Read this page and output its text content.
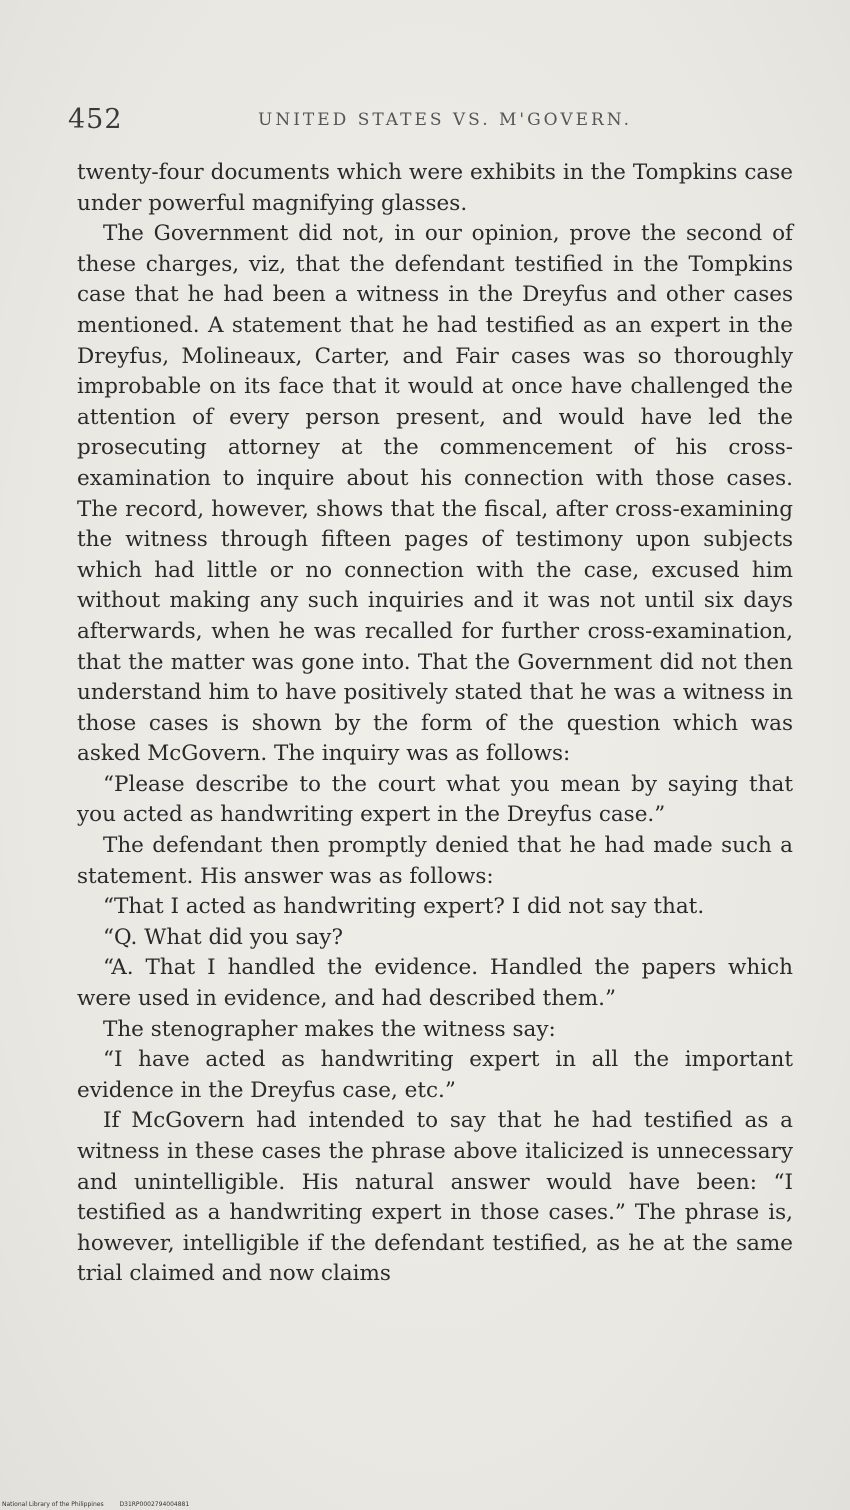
452	UNITED STATES VS. M'GOVERN.

twenty-four documents which were exhibits in the Tompkins case under powerful magnifying glasses.

The Government did not, in our opinion, prove the second of these charges, viz, that the defendant testified in the Tompkins case that he had been a witness in the Dreyfus and other cases mentioned. A statement that he had testified as an expert in the Dreyfus, Molineaux, Carter, and Fair cases was so thoroughly improbable on its face that it would at once have challenged the attention of every person present, and would have led the prosecuting attorney at the commencement of his cross-examination to inquire about his connection with those cases. The record, however, shows that the fiscal, after cross-examining the witness through fifteen pages of testimony upon subjects which had little or no connection with the case, excused him without making any such inquiries and it was not until six days afterwards, when he was recalled for further cross-examination, that the matter was gone into. That the Government did not then understand him to have positively stated that he was a witness in those cases is shown by the form of the question which was asked McGovern. The inquiry was as follows:

“Please describe to the court what you mean by saying that you acted as handwriting expert in the Dreyfus case.”

The defendant then promptly denied that he had made such a statement. His answer was as follows:

“That I acted as handwriting expert? I did not say that.

“Q. What did you say?

“A. That I handled the evidence. Handled the papers which were used in evidence, and had described them.”

The stenographer makes the witness say:

“I have acted as handwriting expert in all the important evidence in the Dreyfus case, etc.”

If McGovern had intended to say that he had testified as a witness in these cases the phrase above italicized is unnecessary and unintelligible. His natural answer would have been: “I testified as a handwriting expert in those cases.” The phrase is, however, intelligible if the defendant testified, as he at the same trial claimed and now claims

National Library of the Philippines	D31RP0002794004881
